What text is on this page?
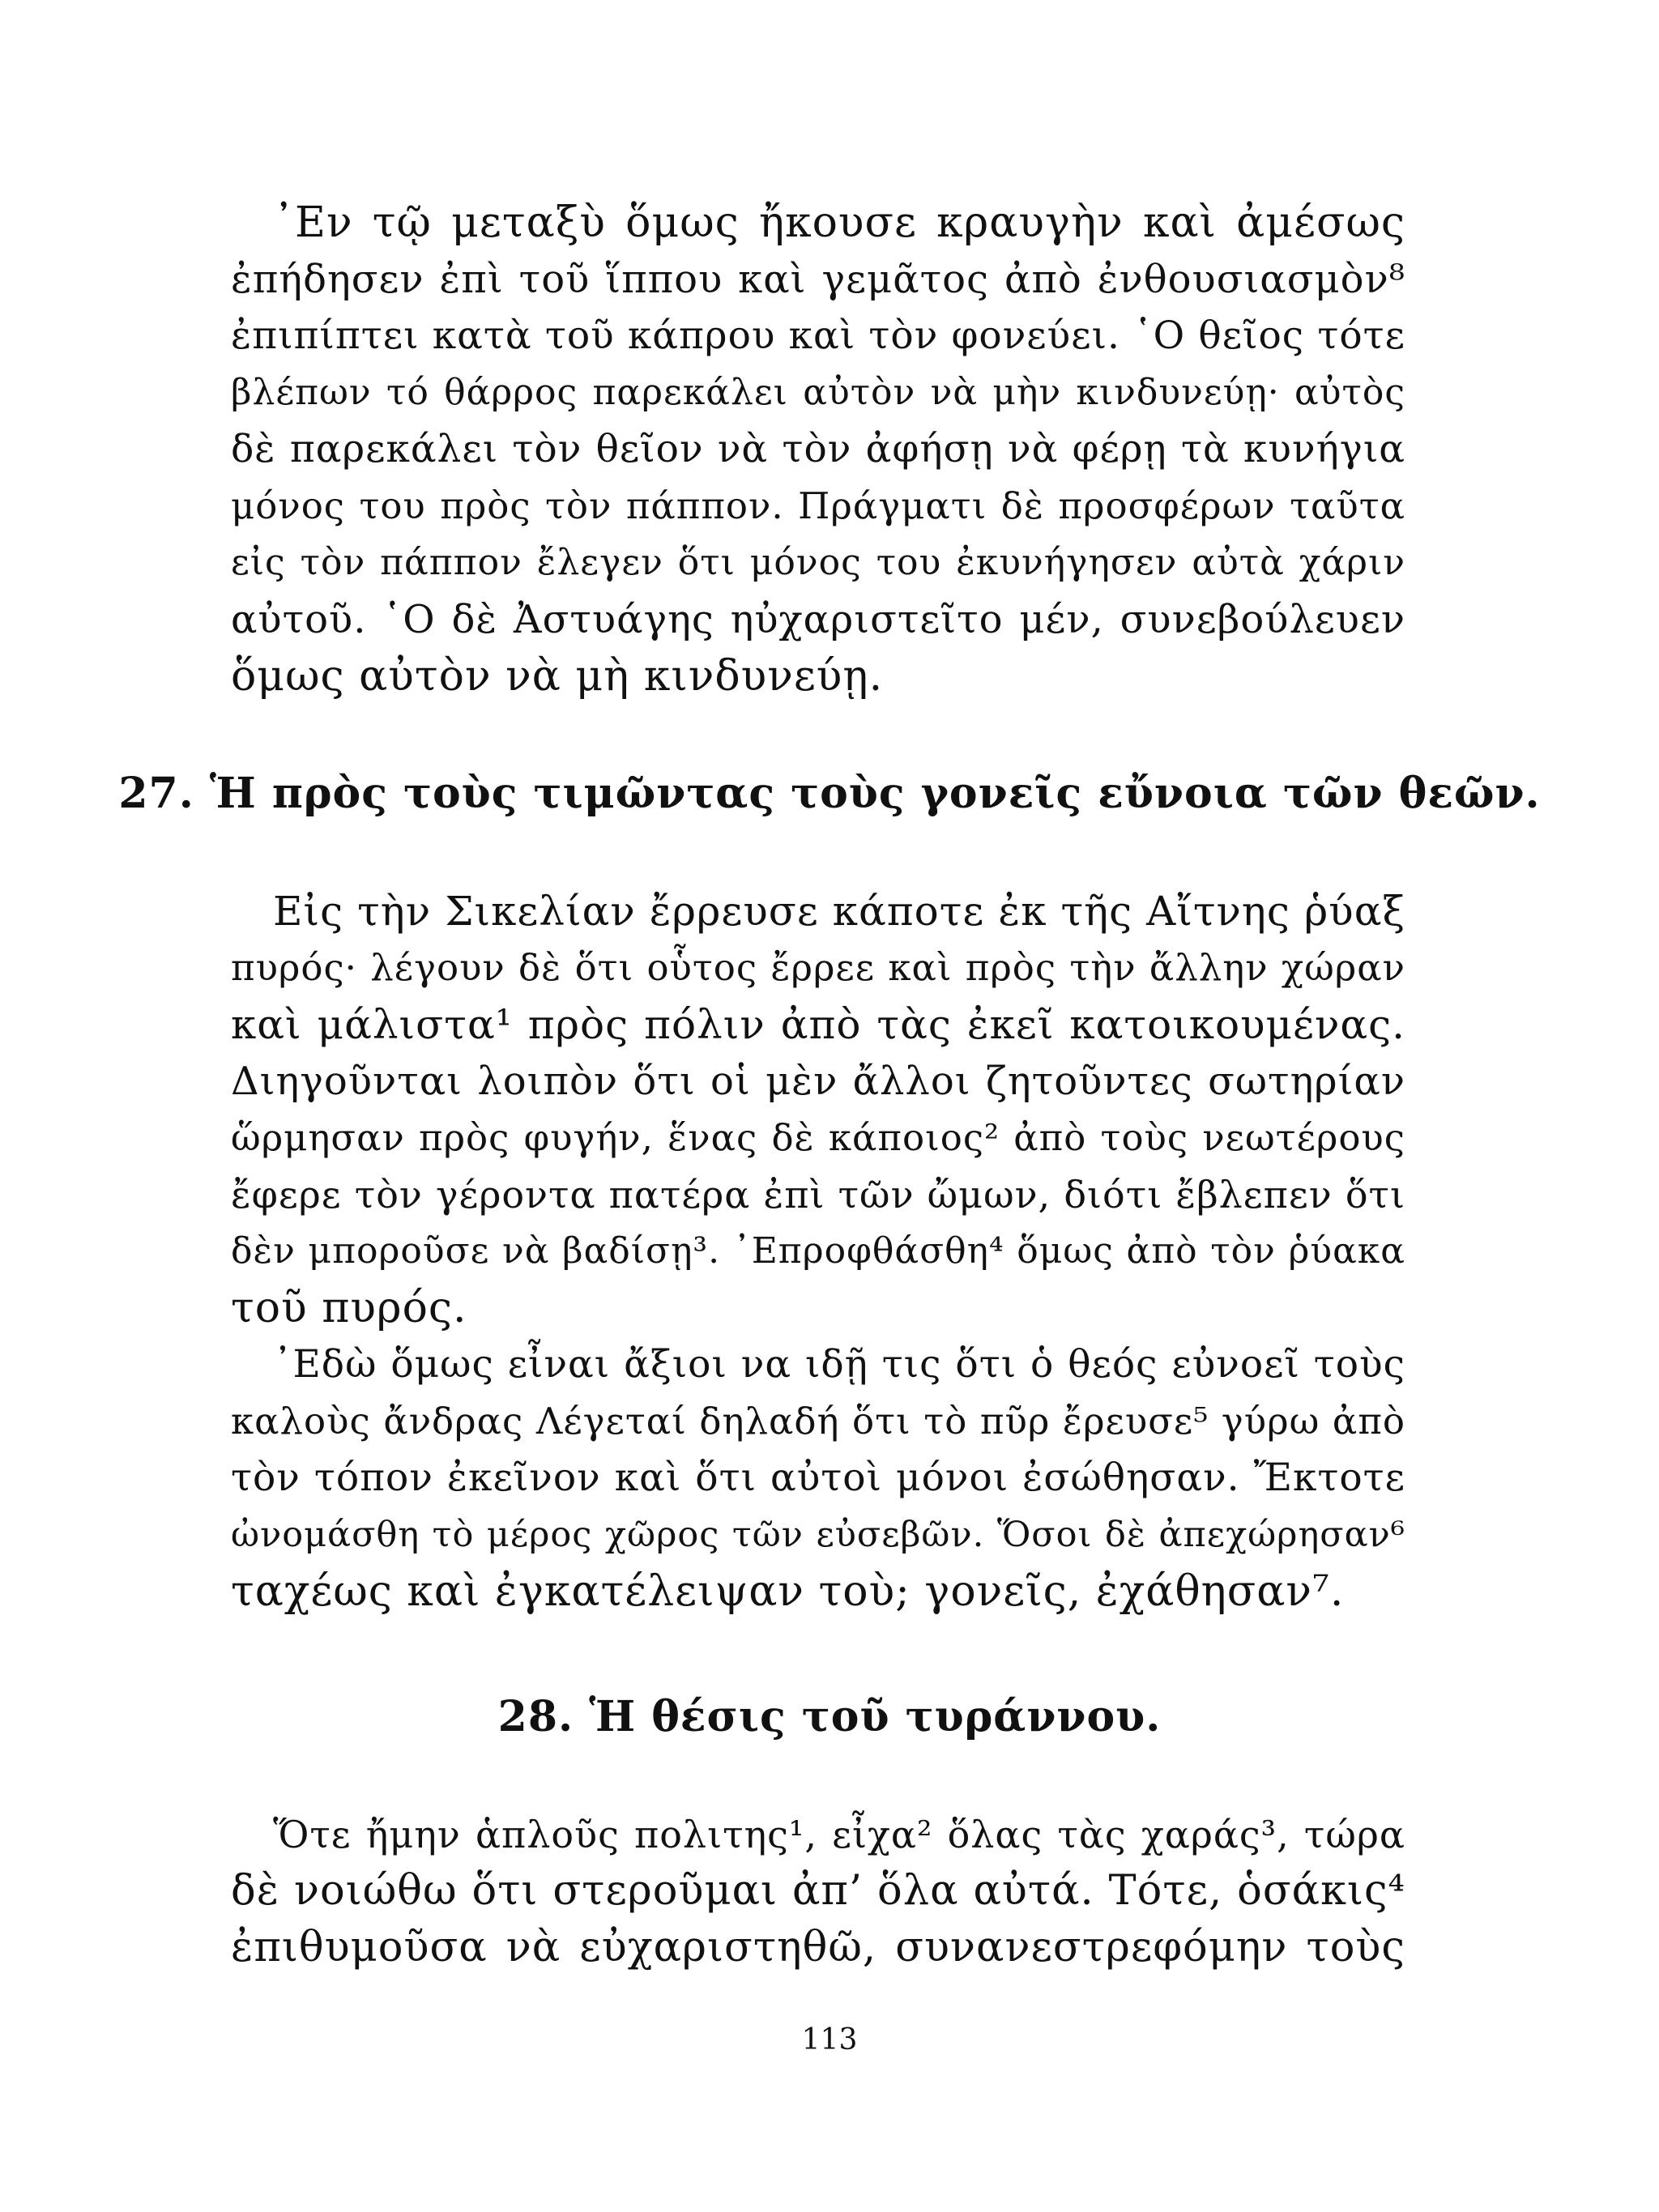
᾿Εν τῷ μεταξὺ ὅμως ἤκουσε κραυγὴν καὶ ἀμέσως
ἐπήδησεν ἐπὶ τοῦ ἵππου καὶ γεμᾶτος ἀπὸ ἐνθουσιασμὸν⁸
ἐπιπίπτει κατὰ τοῦ κάπρου καὶ τὸν φονεύει. ῾Ο θεῖος τότε
βλέπων τό θάρρος παρεκάλει αὐτὸν νὰ μὴν κινδυνεύῃ· αὐτὸς
δὲ παρεκάλει τὸν θεῖον νὰ τὸν ἀφήσῃ νὰ φέρῃ τὰ κυνήγια
μόνος του πρὸς τὸν πάππον. Πράγματι δὲ προσφέρων ταῦτα
εἰς τὸν πάππον ἔλεγεν ὅτι μόνος του ἐκυνήγησεν αὐτὰ χάριν
αὐτοῦ. ῾Ο δὲ Ἀστυάγης ηὐχαριστεῖτο μέν, συνεβούλευεν
ὅμως αὐτὸν νὰ μὴ κινδυνεύῃ.
27. Ἡ πρὸς τοὺς τιμῶντας τοὺς γονεῖς εὔνοια τῶν θεῶν.
Εἰς τὴν Σικελίαν ἔρρευσε κάποτε ἐκ τῆς Αἴτνης ῥύαξ
πυρός· λέγουν δὲ ὅτι οὗτος ἔρρεε καὶ πρὸς τὴν ἄλλην χώραν
καὶ μάλιστα¹ πρὸς πόλιν ἀπὸ τὰς ἐκεῖ κατοικουμένας.
Διηγοῦνται λοιπὸν ὅτι οἱ μὲν ἄλλοι ζητοῦντες σωτηρίαν
ὥρμησαν πρὸς φυγήν, ἕνας δὲ κάποιος² ἀπὸ τοὺς νεωτέρους
ἔφερε τὸν γέροντα πατέρα ἐπὶ τῶν ὤμων, διότι ἔβλεπεν ὅτι
δὲν μποροῦσε νὰ βαδίσῃ³. ᾿Επροφθάσθη⁴ ὅμως ἀπὸ τὸν ῥύακα
τοῦ πυρός.
᾿Εδὼ ὅμως εἶναι ἄξιοι να ιδῇ τις ὅτι ὁ θεός εὐνοεῖ τοὺς
καλοὺς ἄνδρας Λέγεταί δηλαδή ὅτι τὸ πῦρ ἔρευσε⁵ γύρω ἀπὸ
τὸν τόπον ἐκεῖνον καὶ ὅτι αὐτοὶ μόνοι ἐσώθησαν. Ἔκτοτε
ὠνομάσθη τὸ μέρος χῶρος τῶν εὐσεβῶν. Ὅσοι δὲ ἀπεχώρησαν⁶
ταχέως καὶ ἐγκατέλειψαν τοὺ; γονεῖς, ἐχάθησαν⁷.
28. Ἡ θέσις τοῦ τυράννου.
Ὅτε ἤμην ἁπλοῦς πολιτης¹, εἶχα² ὅλας τὰς χαράς³, τώρα
δὲ νοιώθω ὅτι στεροῦμαι ἀπ’ ὅλα αὐτά. Τότε, ὁσάκις⁴
ἐπιθυμοῦσα νὰ εὐχαριστηθῶ, συνανεστρεφόμην τοὺς
113
